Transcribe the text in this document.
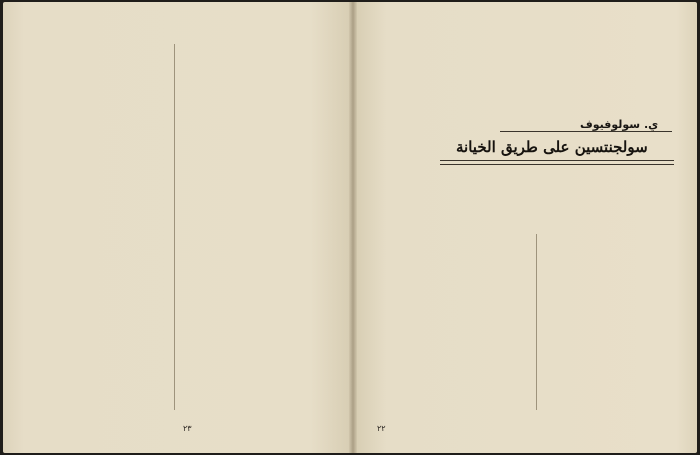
٢٣
ي. سولوفيوف
سولجنتسين على طريق الخيانة
٢٢
